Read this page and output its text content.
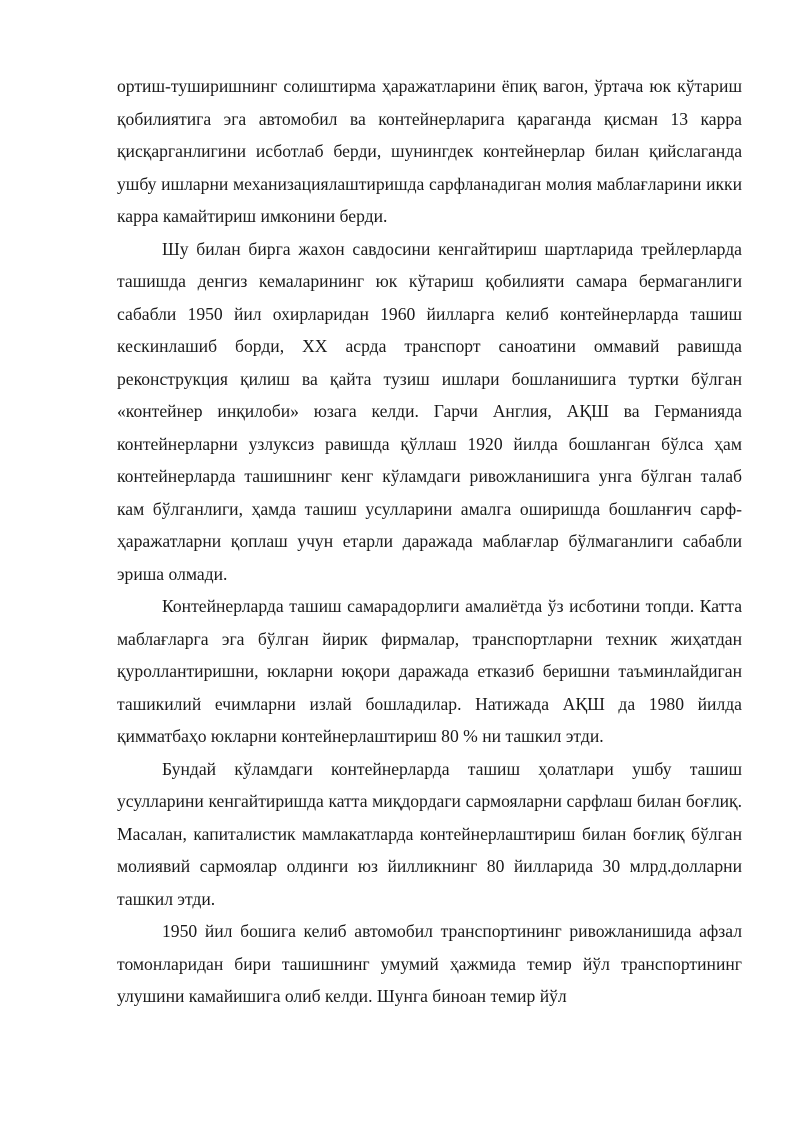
ортиш-туширишнинг солиштирма ҳаражатларини ёпиқ вагон, ўртача юк кўтариш қобилиятига эга автомобил ва контейнерларига қараганда қисман 13 карра қисқарганлигини исботлаб берди, шунингдек контейнерлар билан қийслаганда ушбу ишларни механизациялаштиришда сарфланадиган молия маблағларини икки карра камайтириш имконини берди.

Шу билан бирга жахон савдосини кенгайтириш шартларида трейлерларда ташишда денгиз кемаларининг юк кўтариш қобилияти самара бермаганлиги сабабли 1950 йил охирларидан 1960 йилларга келиб контейнерларда ташиш кескинлашиб борди, XX асрда транспорт саноатини оммавий равишда реконструкция қилиш ва қайта тузиш ишлари бошланишига туртки бўлган «контейнер инқилоби» юзага келди. Гарчи Англия, АҚШ ва Германияда контейнерларни узлуксиз равишда қўллаш 1920 йилда бошланган бўлса ҳам контейнерларда ташишнинг кенг кўламдаги ривожланишига унга бўлган талаб кам бўлганлиги, ҳамда ташиш усулларини амалга оширишда бошланғич сарф-ҳаражатларни қоплаш учун етарли даражада маблағлар бўлмаганлиги сабабли эриша олмади.

Контейнерларда ташиш самарадорлиги амалиётда ўз исботини топди. Катта маблағларга эга бўлган йирик фирмалар, транспортларни техник жиҳатдан қуроллантиришни, юкларни юқори даражада етказиб беришни таъминлайдиган ташикилий ечимларни излай бошладилар. Натижада АҚШ да 1980 йилда қимматбаҳо юкларни контейнерлаштириш 80 % ни ташкил этди.

Бундай кўламдаги контейнерларда ташиш ҳолатлари ушбу ташиш усулларини кенгайтиришда катта миқдордаги сармояларни сарфлаш билан боғлиқ. Масалан, капиталистик мамлакатларда контейнерлаштириш билан боғлиқ бўлган молиявий сармоялар олдинги юз йилликнинг 80 йилларида 30 млрд.долларни ташкил этди.

1950 йил бошига келиб автомобил транспортининг ривожланишида афзал томонларидан бири ташишнинг умумий ҳажмида темир йўл транспортининг улушини камайишига олиб келди. Шунга биноан темир йўл
